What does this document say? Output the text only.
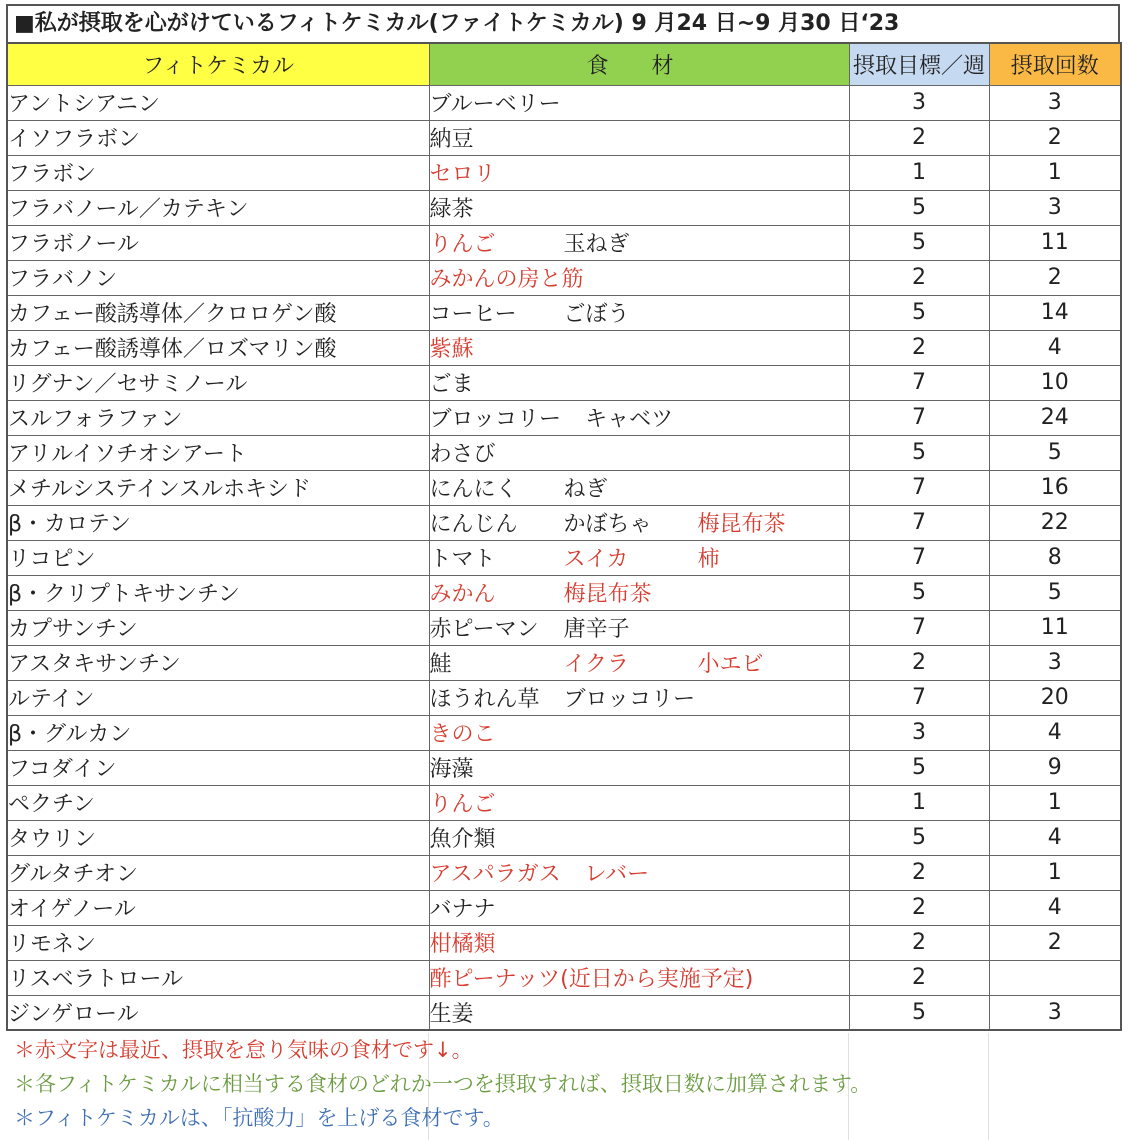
■私が摂取を心がけているフィトケミカル(ファイトケミカル) 9 月24 日~9 月30 日‘23
フィトケミカル	食 材	摂取目標／週	摂取回数
アントシアニン	ブルーベリー	3	3
イソフラボン	納豆	2	2
フラボン	セロリ	1	1
フラバノール／カテキン	緑茶	5	3
フラボノール	りんご 玉ねぎ	5	11
フラバノン	みかんの房と筋	2	2
カフェー酸誘導体／クロロゲン酸	コーヒー ごぼう	5	14
カフェー酸誘導体／ロズマリン酸	紫蘇	2	4
リグナン／セサミノール	ごま	7	10
スルフォラファン	ブロッコリー キャベツ	7	24
アリルイソチオシアート	わさび	5	5
メチルシステインスルホキシド	にんにく ねぎ	7	16
β・カロテン	にんじん かぼちゃ 梅昆布茶	7	22
リコピン	トマト スイカ 柿	7	8
β・クリプトキサンチン	みかん 梅昆布茶	5	5
カプサンチン	赤ピーマン 唐辛子	7	11
アスタキサンチン	鮭 イクラ 小エビ	2	3
ルテイン	ほうれん草 ブロッコリー	7	20
β・グルカン	きのこ	3	4
フコダイン	海藻	5	9
ペクチン	りんご	1	1
タウリン	魚介類	5	4
グルタチオン	アスパラガス レバー	2	1
オイゲノール	バナナ	2	4
リモネン	柑橘類	2	2
リスベラトロール	酢ピーナッツ(近日から実施予定)	2	
ジンゲロール	生姜	5	3
＊赤文字は最近、摂取を怠り気味の食材です↓。
＊各フィトケミカルに相当する食材のどれか一つを摂取すれば、摂取日数に加算されます。
＊フィトケミカルは、「抗酸力」を上げる食材です。
